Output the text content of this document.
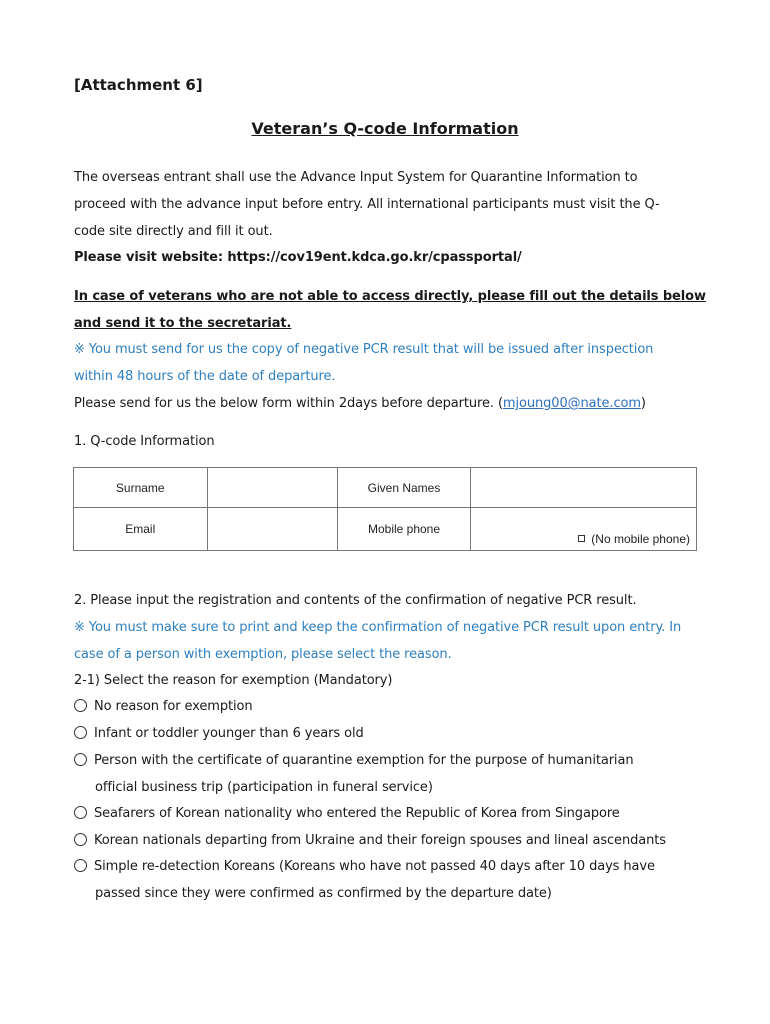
[Attachment 6]
Veteran’s Q-code Information
The overseas entrant shall use the Advance Input System for Quarantine Information to
proceed with the advance input before entry. All international participants must visit the Q-
code site directly and fill it out.
Please visit website: https://cov19ent.kdca.go.kr/cpassportal/
In case of veterans who are not able to access directly, please fill out the details below
and send it to the secretariat.
※ You must send for us the copy of negative PCR result that will be issued after inspection
within 48 hours of the date of departure.
Please send for us the below form within 2days before departure. (mjoung00@nate.com)
1. Q-code Information
Surname		Given Names	
Email		Mobile phone	(No mobile phone)
2. Please input the registration and contents of the confirmation of negative PCR result.
※ You must make sure to print and keep the confirmation of negative PCR result upon entry. In
case of a person with exemption, please select the reason.
2-1) Select the reason for exemption (Mandatory)
No reason for exemption
Infant or toddler younger than 6 years old
Person with the certificate of quarantine exemption for the purpose of humanitarian
official business trip (participation in funeral service)
Seafarers of Korean nationality who entered the Republic of Korea from Singapore
Korean nationals departing from Ukraine and their foreign spouses and lineal ascendants
Simple re-detection Koreans (Koreans who have not passed 40 days after 10 days have
passed since they were confirmed as confirmed by the departure date)
